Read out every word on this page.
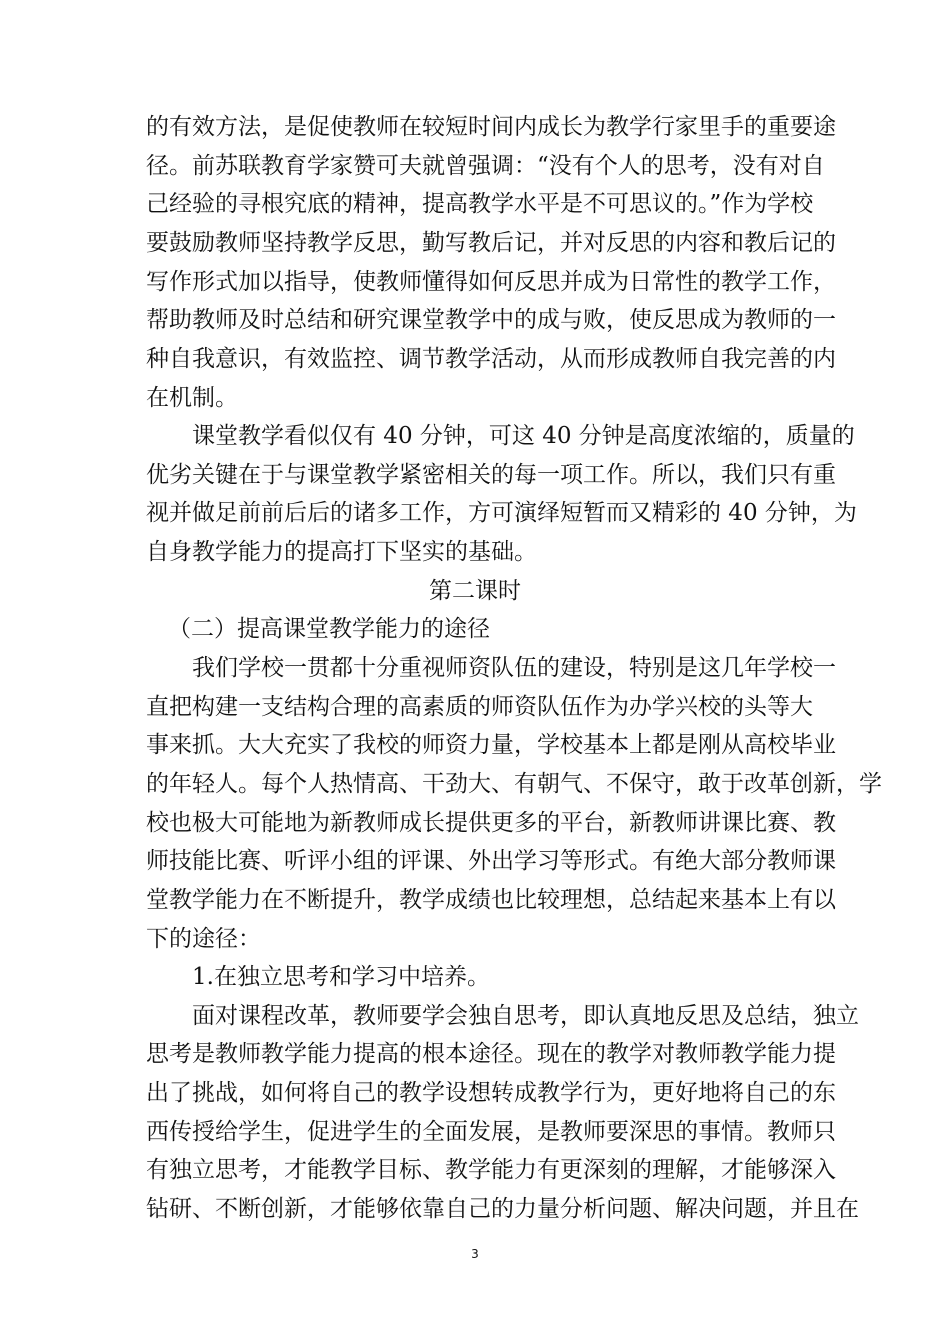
的有效方法，是促使教师在较短时间内成长为教学行家里手的重要途
径。前苏联教育学家赞可夫就曾强调：“没有个人的思考，没有对自
己经验的寻根究底的精神，提高教学水平是不可思议的。”作为学校
要鼓励教师坚持教学反思，勤写教后记，并对反思的内容和教后记的
写作形式加以指导，使教师懂得如何反思并成为日常性的教学工作，
帮助教师及时总结和研究课堂教学中的成与败，使反思成为教师的一
种自我意识，有效监控、调节教学活动，从而形成教师自我完善的内
在机制。
课堂教学看似仅有 40 分钟，可这 40 分钟是高度浓缩的，质量的
优劣关键在于与课堂教学紧密相关的每一项工作。所以，我们只有重
视并做足前前后后的诸多工作，方可演绎短暂而又精彩的 40 分钟，为
自身教学能力的提高打下坚实的基础。
第二课时
（二）提高课堂教学能力的途径
我们学校一贯都十分重视师资队伍的建设，特别是这几年学校一
直把构建一支结构合理的高素质的师资队伍作为办学兴校的头等大
事来抓。大大充实了我校的师资力量，学校基本上都是刚从高校毕业
的年轻人。每个人热情高、干劲大、有朝气、不保守，敢于改革创新，学
校也极大可能地为新教师成长提供更多的平台，新教师讲课比赛、教
师技能比赛、听评小组的评课、外出学习等形式。有绝大部分教师课
堂教学能力在不断提升，教学成绩也比较理想，总结起来基本上有以
下的途径：
1.在独立思考和学习中培养。
面对课程改革，教师要学会独自思考，即认真地反思及总结，独立
思考是教师教学能力提高的根本途径。现在的教学对教师教学能力提
出了挑战，如何将自己的教学设想转成教学行为，更好地将自己的东
西传授给学生，促进学生的全面发展，是教师要深思的事情。教师只
有独立思考，才能教学目标、教学能力有更深刻的理解，才能够深入
钻研、不断创新，才能够依靠自己的力量分析问题、解决问题，并且在
3
